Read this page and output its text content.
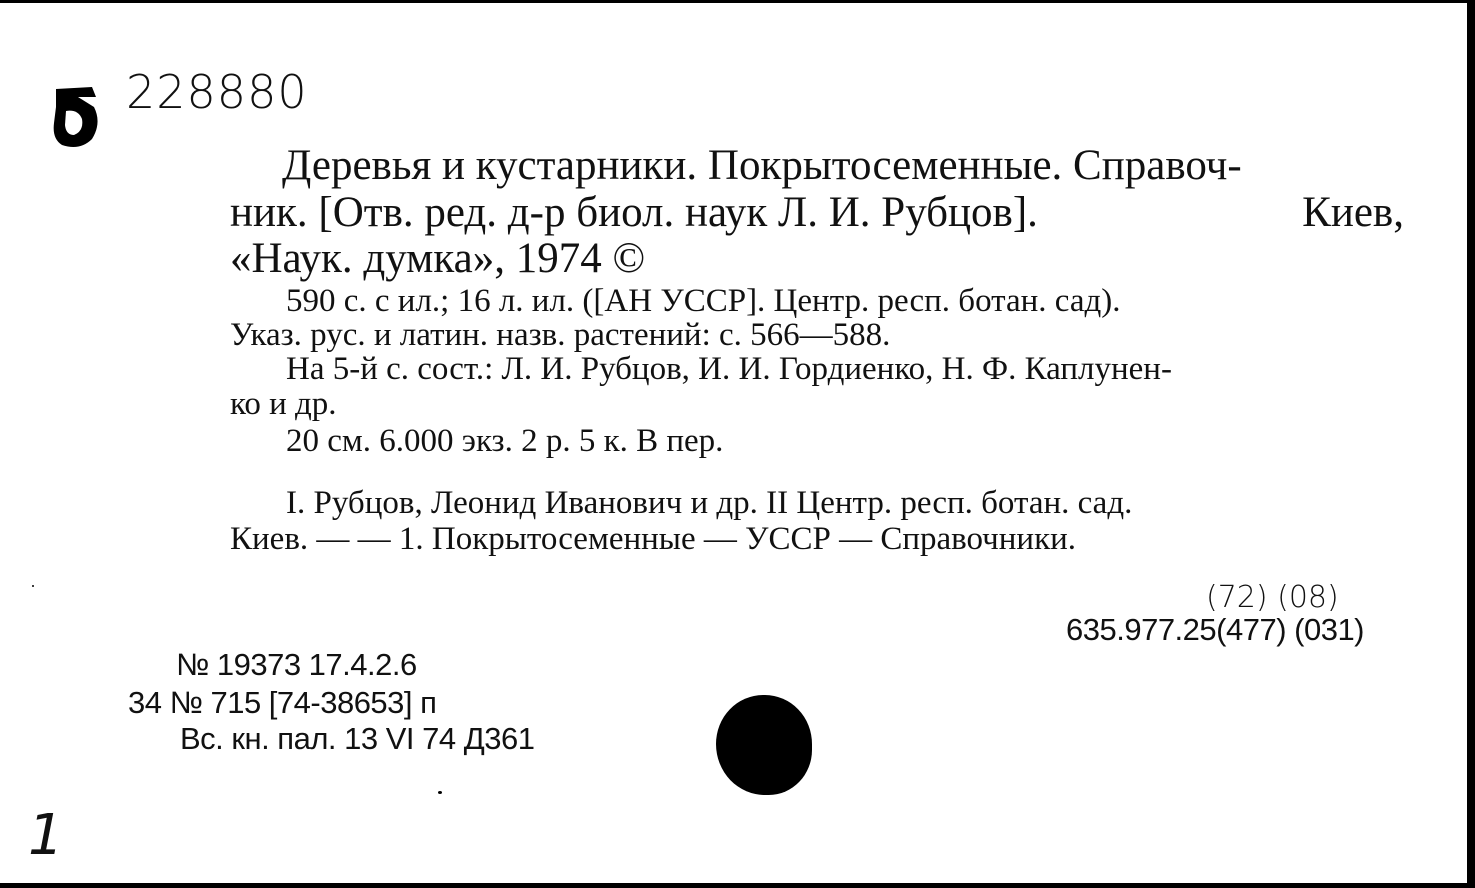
228880
Деревья и кустарники. Покрытосеменные. Справоч-
ник. [Отв. ред. д-р биол. наук Л. И. Рубцов].	Киев,
«Наук. думка», 1974 ©
590 с. с ил.; 16 л. ил. ([АН УССР]. Центр. респ. ботан. сад).
Указ. рус. и латин. назв. растений: с. 566—588.
На 5-й с. сост.: Л. И. Рубцов, И. И. Гордиенко, Н. Ф. Каплунен-
ко и др.
20 см. 6.000 экз. 2 р. 5 к. В пер.
I. Рубцов, Леонид Иванович и др. II Центр. респ. ботан. сад.
Киев. — — 1. Покрытосеменные — УССР — Справочники.
(72) (08)
635.977.25(477) (031)
№ 19373 17.4.2.6
34 № 715 [74-38653] п
Вс. кн. пал. 13 VI 74 Д361
1
